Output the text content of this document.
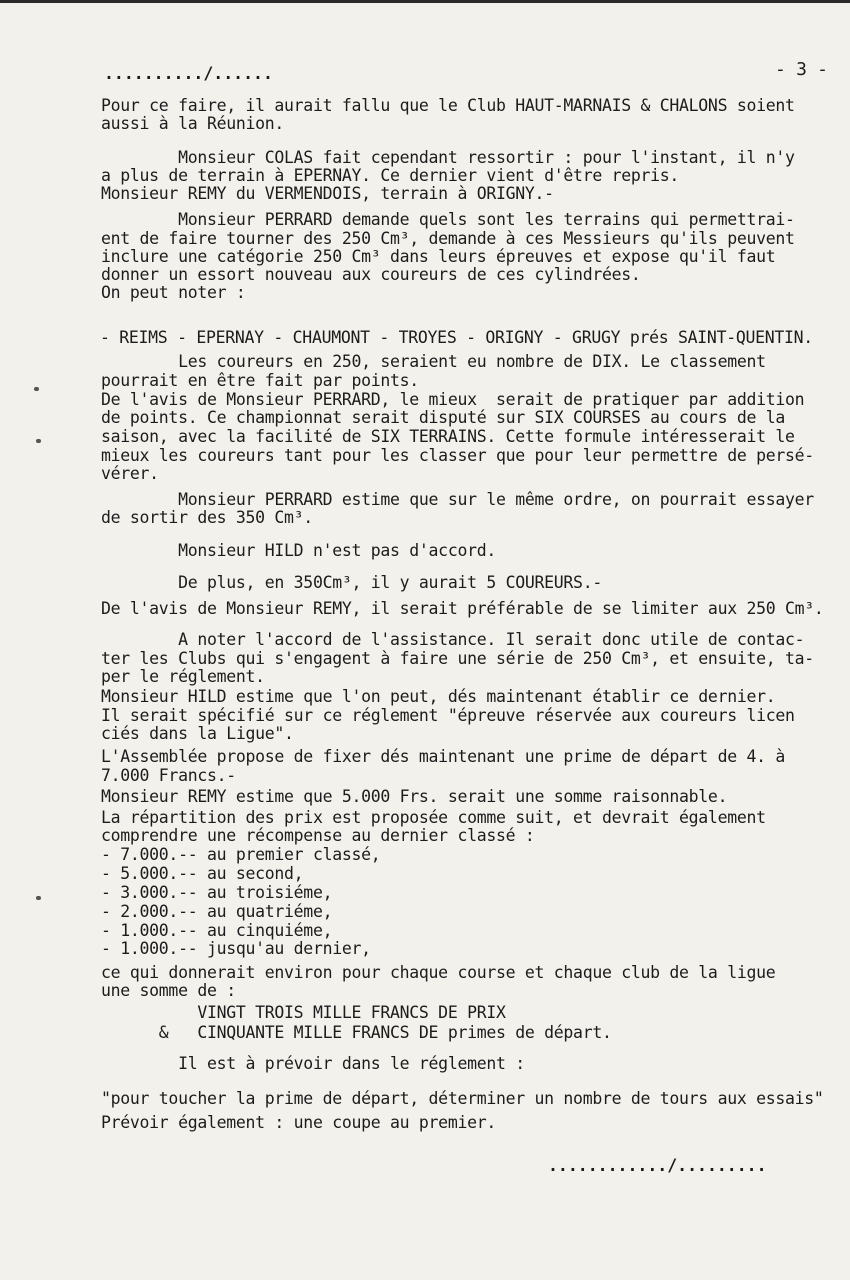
........../......	- 3 -
Pour ce faire, il aurait fallu que le Club HAUT-MARNAIS & CHALONS soient
aussi à la Réunion.
Monsieur COLAS fait cependant ressortir : pour l'instant, il n'y
a plus de terrain à EPERNAY. Ce dernier vient d'être repris.
Monsieur REMY du VERMENDOIS, terrain à ORIGNY.-
Monsieur PERRARD demande quels sont les terrains qui permettrai-
ent de faire tourner des 250 Cm³, demande à ces Messieurs qu'ils peuvent
inclure une catégorie 250 Cm³ dans leurs épreuves et expose qu'il faut
donner un essort nouveau aux coureurs de ces cylindrées.
On peut noter :
- REIMS - EPERNAY - CHAUMONT - TROYES - ORIGNY - GRUGY prés SAINT-QUENTIN.
Les coureurs en 250, seraient eu nombre de DIX. Le classement
pourrait en être fait par points.
De l'avis de Monsieur PERRARD, le mieux  serait de pratiquer par addition
de points. Ce championnat serait disputé sur SIX COURSES au cours de la
saison, avec la facilité de SIX TERRAINS. Cette formule intéresserait le
mieux les coureurs tant pour les classer que pour leur permettre de persé-
vérer.
Monsieur PERRARD estime que sur le même ordre, on pourrait essayer
de sortir des 350 Cm³.
Monsieur HILD n'est pas d'accord.
De plus, en 350Cm³, il y aurait 5 COUREURS.-
De l'avis de Monsieur REMY, il serait préférable de se limiter aux 250 Cm³.
A noter l'accord de l'assistance. Il serait donc utile de contac-
ter les Clubs qui s'engagent à faire une série de 250 Cm³, et ensuite, ta-
per le réglement.
Monsieur HILD estime que l'on peut, dés maintenant établir ce dernier.
Il serait spécifié sur ce réglement "épreuve réservée aux coureurs licen
ciés dans la Ligue".
L'Assemblée propose de fixer dés maintenant une prime de départ de 4. à
7.000 Francs.-
Monsieur REMY estime que 5.000 Frs. serait une somme raisonnable.
La répartition des prix est proposée comme suit, et devrait également
comprendre une récompense au dernier classé :
- 7.000.-- au premier classé,
- 5.000.-- au second,
- 3.000.-- au troisiéme,
- 2.000.-- au quatriéme,
- 1.000.-- au cinquiéme,
- 1.000.-- jusqu'au dernier,
ce qui donnerait environ pour chaque course et chaque club de la ligue
une somme de :
VINGT TROIS MILLE FRANCS DE PRIX
&   CINQUANTE MILLE FRANCS DE primes de départ.
Il est à prévoir dans le réglement :
"pour toucher la prime de départ, déterminer un nombre de tours aux essais"
Prévoir également : une coupe au premier.
............/.........
